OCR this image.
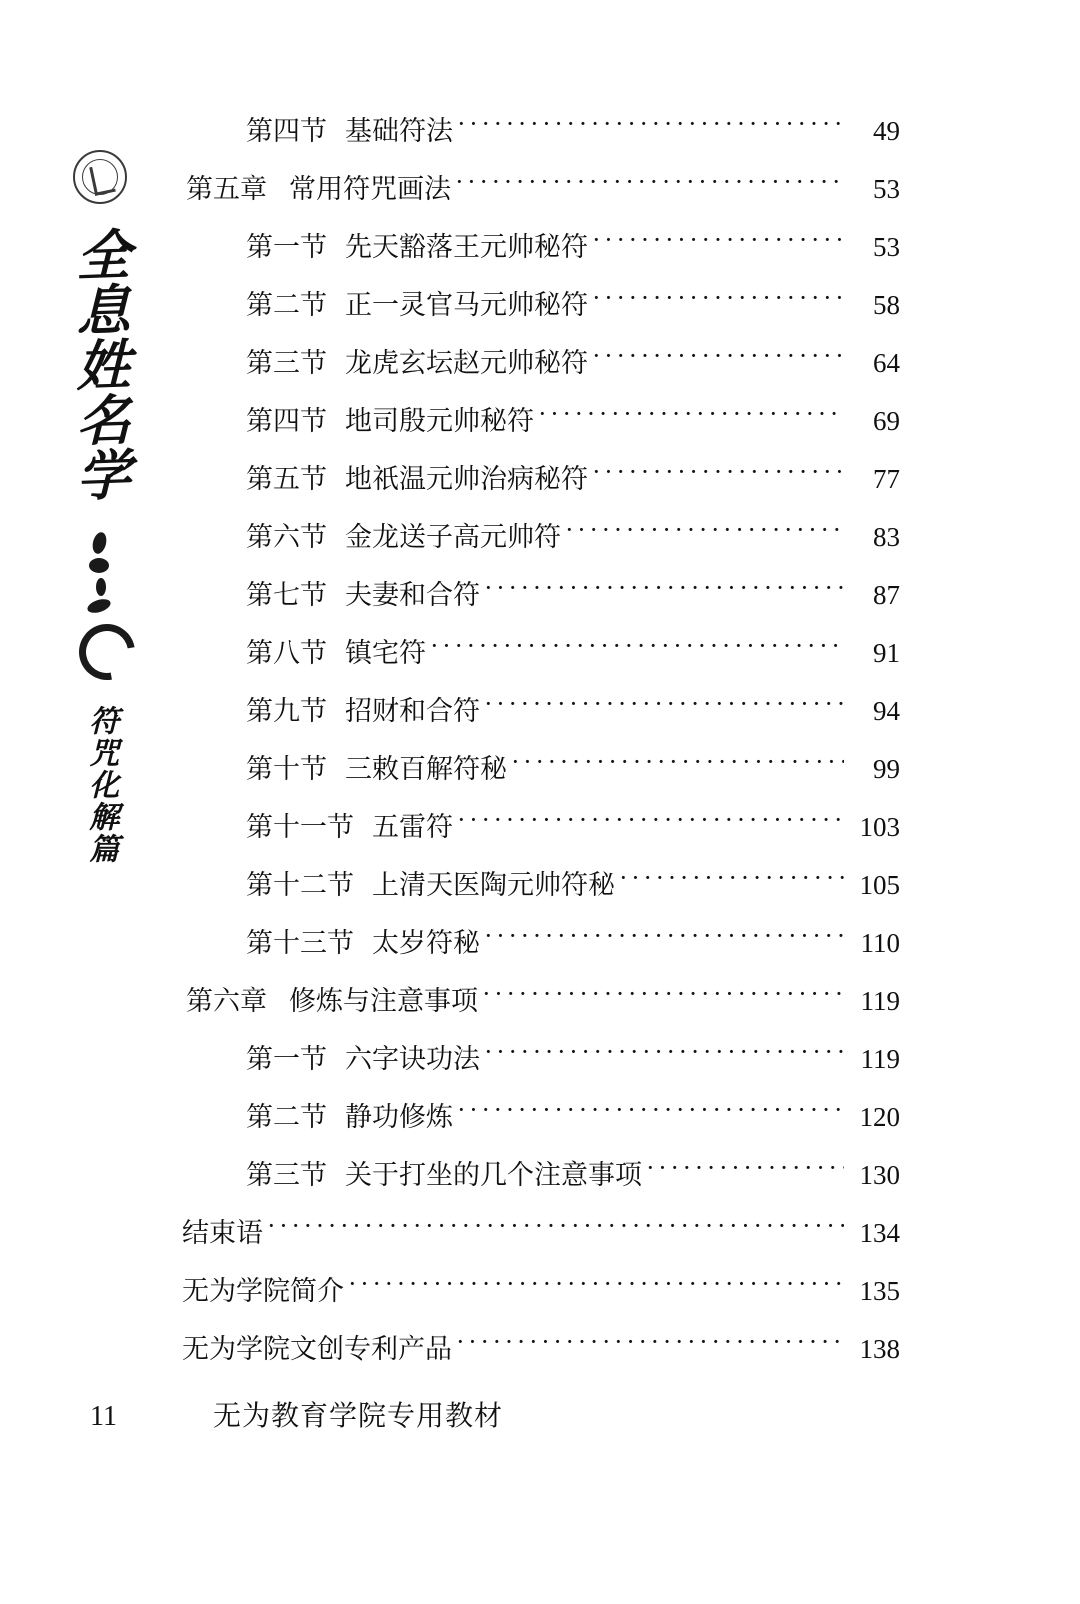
全息姓名学
符咒化解篇
第四节 基础符法 ·····	49
第五章 常用符咒画法 ·····	53
第一节 先天豁落王元帅秘符 ·····	53
第二节 正一灵官马元帅秘符 ·····	58
第三节 龙虎玄坛赵元帅秘符 ·····	64
第四节 地司殷元帅秘符 ·····	69
第五节 地祇温元帅治病秘符 ·····	77
第六节 金龙送子高元帅符 ·····	83
第七节 夫妻和合符 ·····	87
第八节 镇宅符 ·····	91
第九节 招财和合符 ·····	94
第十节 三敕百解符秘 ·····	99
第十一节 五雷符 ·····	103
第十二节 上清天医陶元帅符秘 ·····	105
第十三节 太岁符秘 ·····	110
第六章 修炼与注意事项 ·····	119
第一节 六字诀功法 ·····	119
第二节 静功修炼 ·····	120
第三节 关于打坐的几个注意事项 ·····	130
结束语 ·····	134
无为学院简介 ·····	135
无为学院文创专利产品 ·····	138
11	无为教育学院专用教材
